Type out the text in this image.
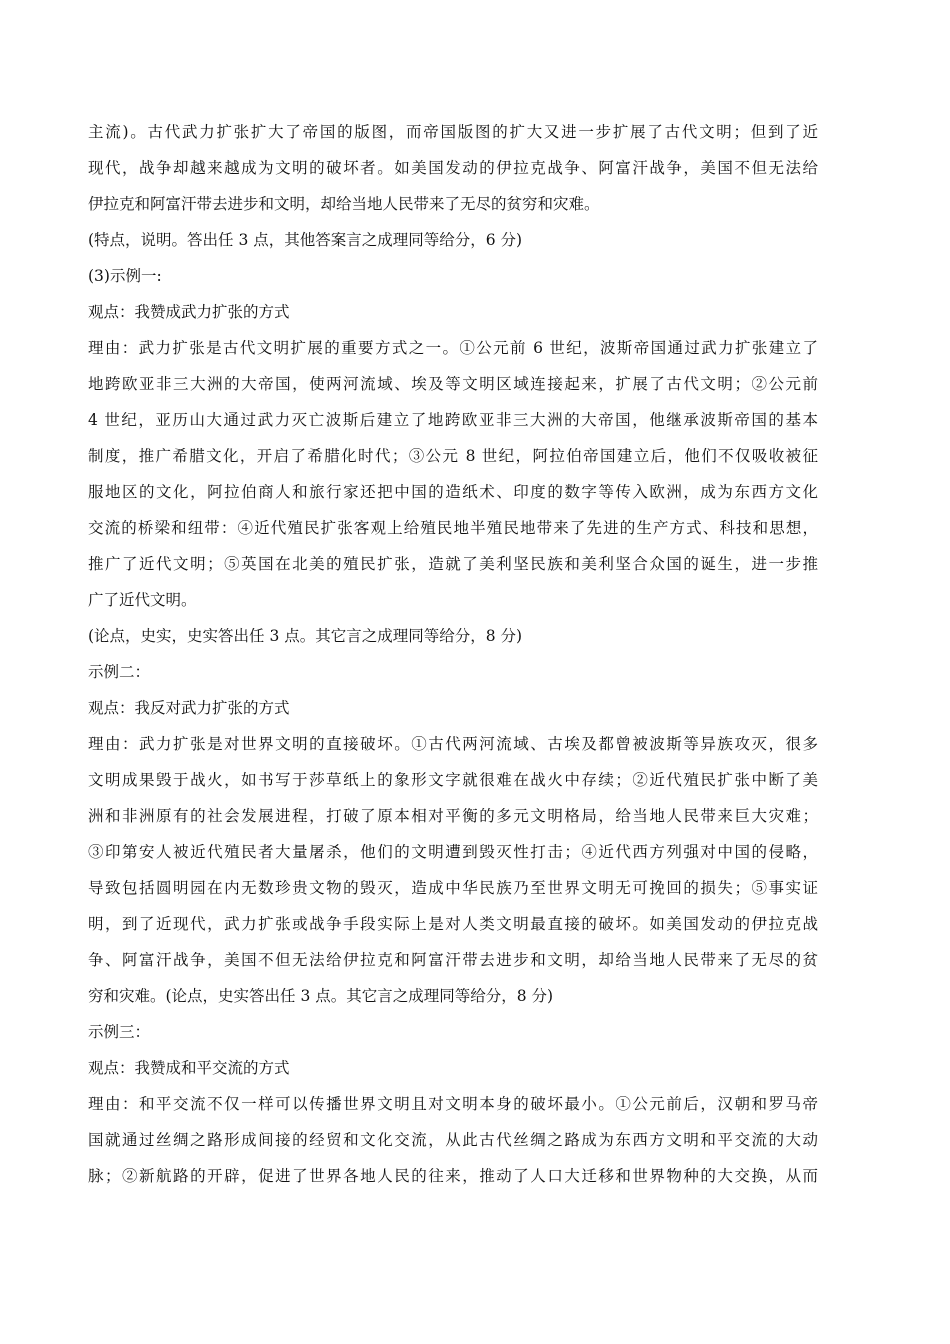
主流)。古代武力扩张扩大了帝国的版图，而帝国版图的扩大又进一步扩展了古代文明；但到了近
现代，战争却越来越成为文明的破坏者。如美国发动的伊拉克战争、阿富汗战争，美国不但无法给
伊拉克和阿富汗带去进步和文明，却给当地人民带来了无尽的贫穷和灾难。
(特点，说明。答出任 3 点，其他答案言之成理同等给分，6 分)
(3)示例一:
观点：我赞成武力扩张的方式
理由：武力扩张是古代文明扩展的重要方式之一。①公元前 6 世纪，波斯帝国通过武力扩张建立了
地跨欧亚非三大洲的大帝国，使两河流域、埃及等文明区域连接起来，扩展了古代文明；②公元前
4 世纪，亚历山大通过武力灭亡波斯后建立了地跨欧亚非三大洲的大帝国，他继承波斯帝国的基本
制度，推广希腊文化，开启了希腊化时代；③公元 8 世纪，阿拉伯帝国建立后，他们不仅吸收被征
服地区的文化，阿拉伯商人和旅行家还把中国的造纸术、印度的数字等传入欧洲，成为东西方文化
交流的桥梁和纽带：④近代殖民扩张客观上给殖民地半殖民地带来了先进的生产方式、科技和思想，
推广了近代文明；⑤英国在北美的殖民扩张，造就了美利坚民族和美利坚合众国的诞生，进一步推
广了近代文明。
(论点，史实，史实答出任 3 点。其它言之成理同等给分，8 分)
示例二：
观点：我反对武力扩张的方式
理由：武力扩张是对世界文明的直接破坏。①古代两河流域、古埃及都曾被波斯等异族攻灭，很多
文明成果毁于战火，如书写于莎草纸上的象形文字就很难在战火中存续；②近代殖民扩张中断了美
洲和非洲原有的社会发展进程，打破了原本相对平衡的多元文明格局，给当地人民带来巨大灾难；
③印第安人被近代殖民者大量屠杀，他们的文明遭到毁灭性打击；④近代西方列强对中国的侵略，
导致包括圆明园在内无数珍贵文物的毁灭，造成中华民族乃至世界文明无可挽回的损失；⑤事实证
明，到了近现代，武力扩张或战争手段实际上是对人类文明最直接的破坏。如美国发动的伊拉克战
争、阿富汗战争，美国不但无法给伊拉克和阿富汗带去进步和文明，却给当地人民带来了无尽的贫
穷和灾难。(论点，史实答出任 3 点。其它言之成理同等给分，8 分)
示例三：
观点：我赞成和平交流的方式
理由：和平交流不仅一样可以传播世界文明且对文明本身的破坏最小。①公元前后，汉朝和罗马帝
国就通过丝绸之路形成间接的经贸和文化交流，从此古代丝绸之路成为东西方文明和平交流的大动
脉；②新航路的开辟，促进了世界各地人民的往来，推动了人口大迁移和世界物种的大交换，从而
